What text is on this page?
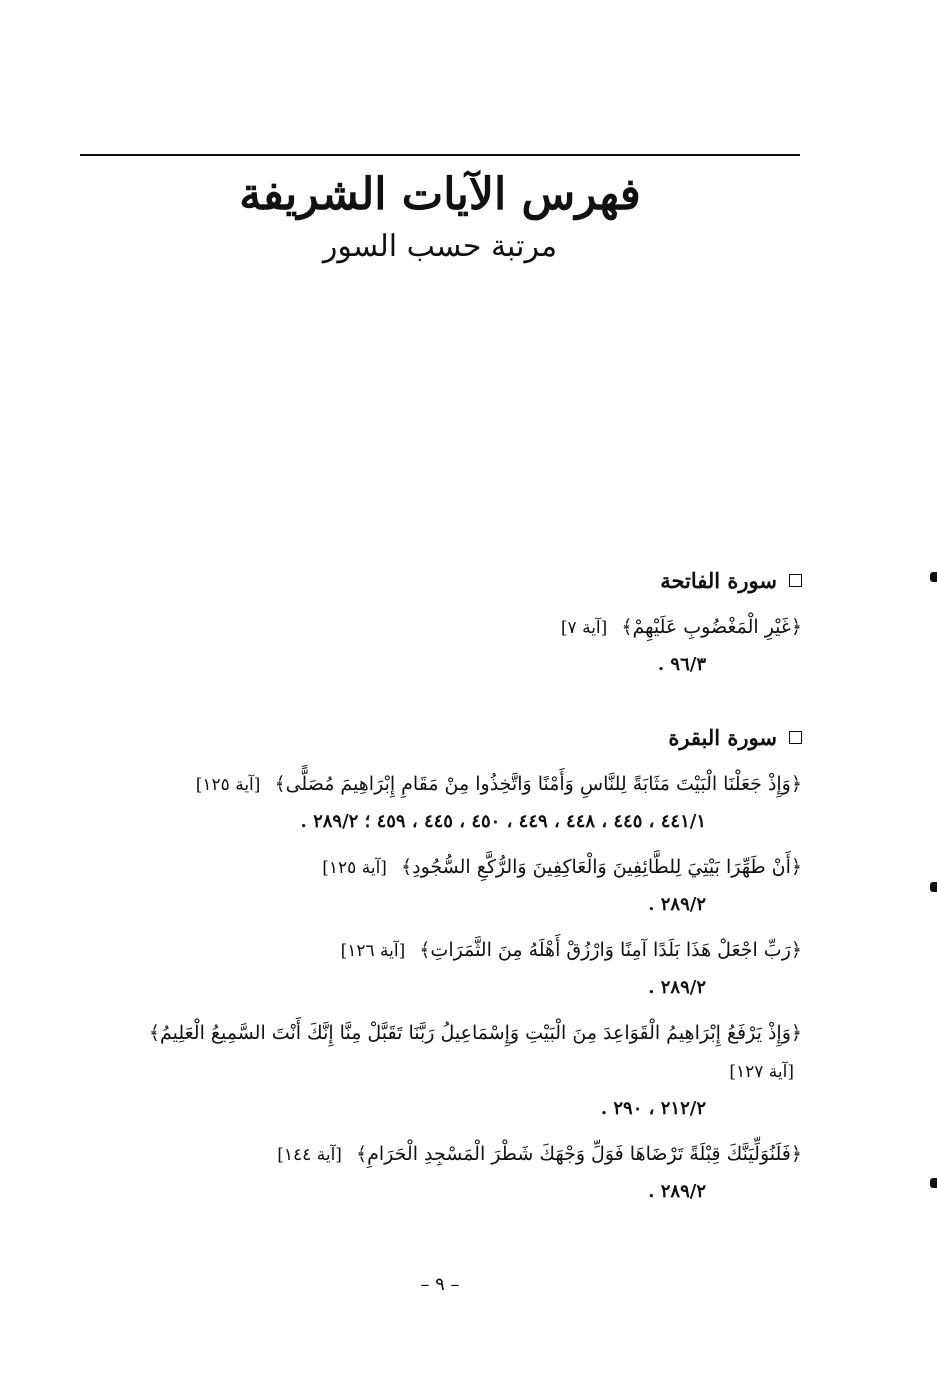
فهرس الآيات الشريفة
مرتبة حسب السور
سورة الفاتحة
﴿غَيْرِ الْمَغْضُوبِ عَلَيْهِمْ﴾ [آية ٧]
٩٦/٣ .
سورة البقرة
﴿وَإِذْ جَعَلْنَا الْبَيْتَ مَثَابَةً لِلنَّاسِ وَأَمْنًا وَاتَّخِذُوا مِنْ مَقَامِ إِبْرَاهِيمَ مُصَلًّى﴾ [آية ١٢٥]
٤٤١/١ ، ٤٤٥ ، ٤٤٨ ، ٤٤٩ ، ٤٥٠ ، ٤٤٥ ، ٤٥٩ ؛ ٢٨٩/٢ .
﴿أَنْ طَهِّرَا بَيْتِيَ لِلطَّائِفِينَ وَالْعَاكِفِينَ وَالرُّكَّعِ السُّجُودِ﴾ [آية ١٢٥]
٢٨٩/٢ .
﴿رَبِّ اجْعَلْ هَذَا بَلَدًا آمِنًا وَارْزُقْ أَهْلَهُ مِنَ الثَّمَرَاتِ﴾ [آية ١٢٦]
٢٨٩/٢ .
﴿وَإِذْ يَرْفَعُ إِبْرَاهِيمُ الْقَوَاعِدَ مِنَ الْبَيْتِ وَإِسْمَاعِيلُ رَبَّنَا تَقَبَّلْ مِنَّا إِنَّكَ أَنْتَ السَّمِيعُ الْعَلِيمُ﴾ [آية ١٢٧]
٢١٢/٢ ، ٢٩٠ .
﴿فَلَنُوَلِّيَنَّكَ قِبْلَةً تَرْضَاهَا فَوَلِّ وَجْهَكَ شَطْرَ الْمَسْجِدِ الْحَرَامِ﴾ [آية ١٤٤]
٢٨٩/٢ .
– ٩ –
